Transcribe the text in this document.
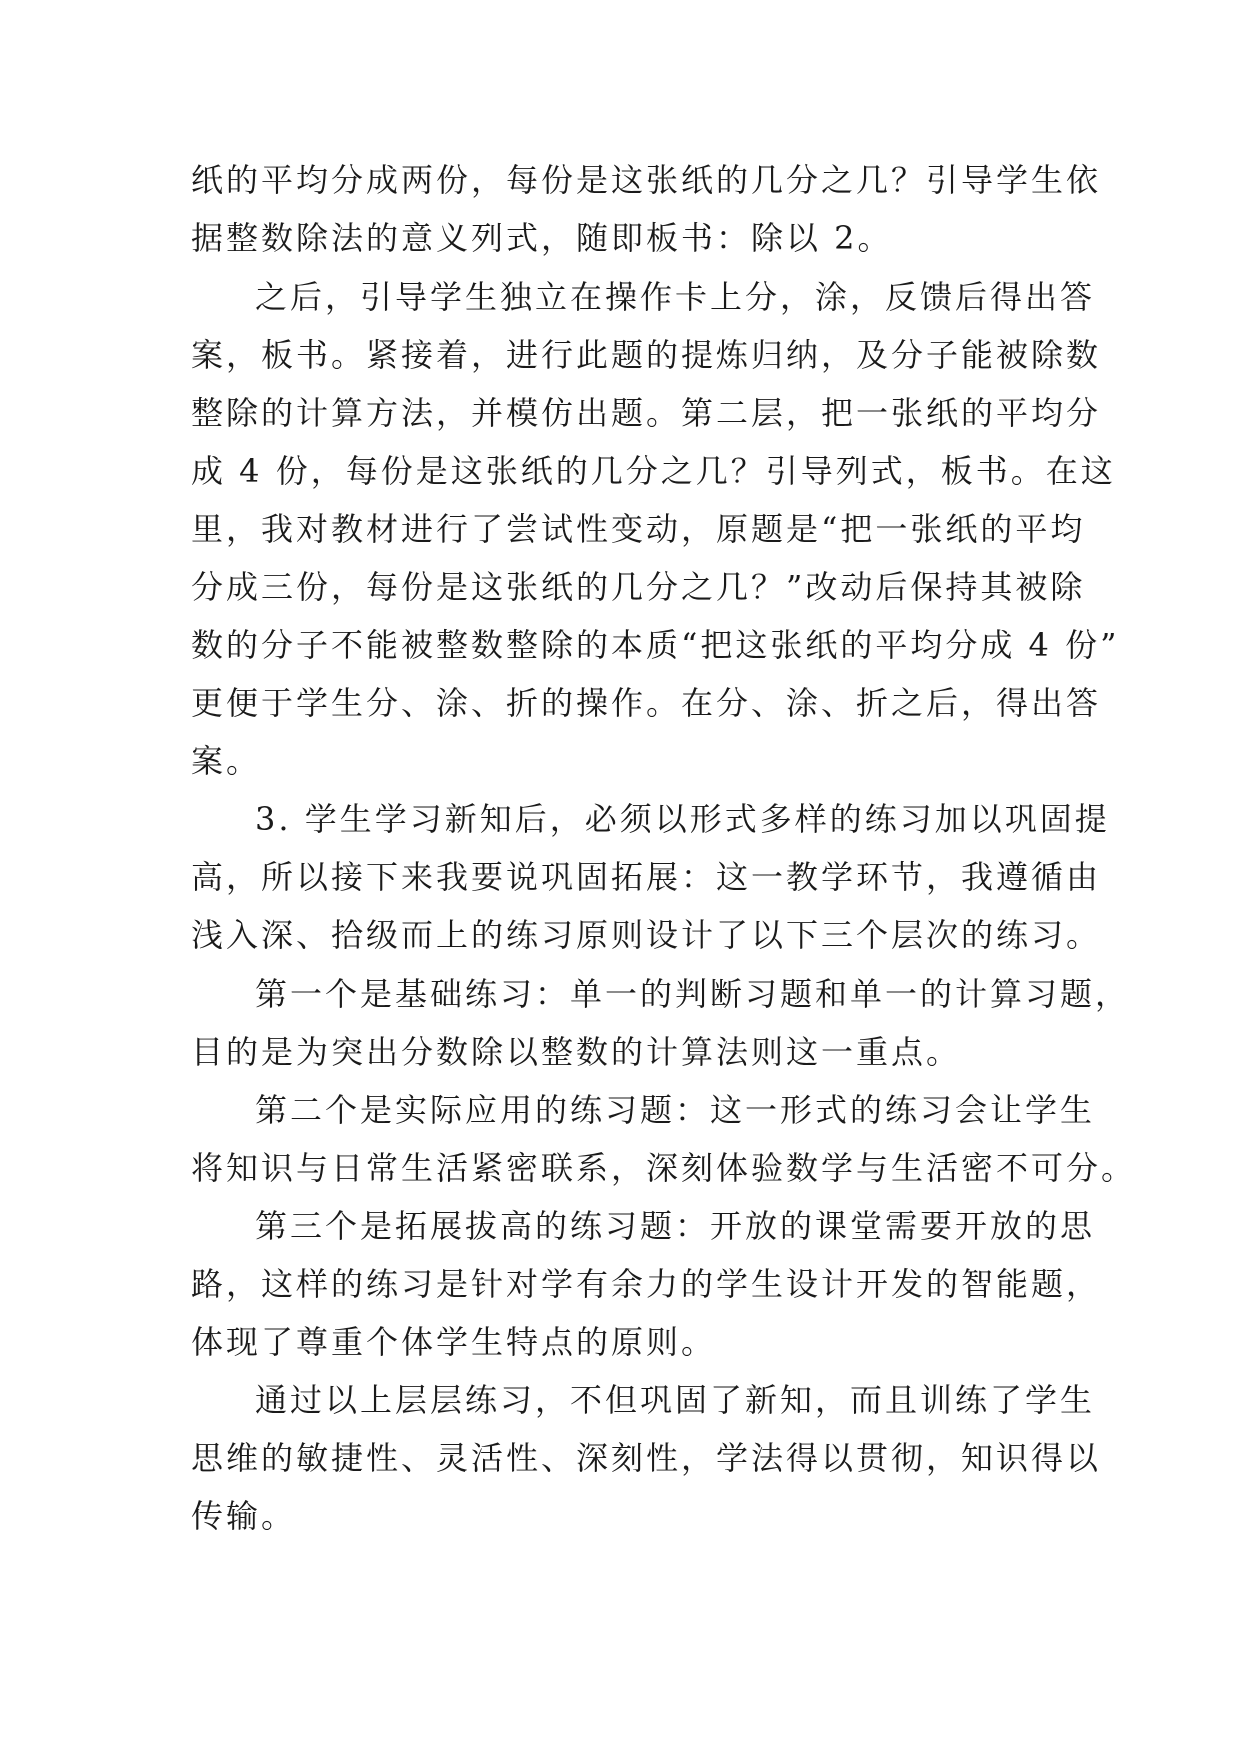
纸的平均分成两份，每份是这张纸的几分之几？引导学生依
据整数除法的意义列式，随即板书：除以 2。
之后，引导学生独立在操作卡上分，涂，反馈后得出答
案，板书。紧接着，进行此题的提炼归纳，及分子能被除数
整除的计算方法，并模仿出题。第二层，把一张纸的平均分
成 4 份，每份是这张纸的几分之几？引导列式，板书。在这
里，我对教材进行了尝试性变动，原题是“把一张纸的平均
分成三份，每份是这张纸的几分之几？”改动后保持其被除
数的分子不能被整数整除的本质“把这张纸的平均分成 4 份”
更便于学生分、涂、折的操作。在分、涂、折之后，得出答
案。
3. 学生学习新知后，必须以形式多样的练习加以巩固提
高，所以接下来我要说巩固拓展：这一教学环节，我遵循由
浅入深、拾级而上的练习原则设计了以下三个层次的练习。
第一个是基础练习：单一的判断习题和单一的计算习题，
目的是为突出分数除以整数的计算法则这一重点。
第二个是实际应用的练习题：这一形式的练习会让学生
将知识与日常生活紧密联系，深刻体验数学与生活密不可分。
第三个是拓展拔高的练习题：开放的课堂需要开放的思
路，这样的练习是针对学有余力的学生设计开发的智能题，
体现了尊重个体学生特点的原则。
通过以上层层练习，不但巩固了新知，而且训练了学生
思维的敏捷性、灵活性、深刻性，学法得以贯彻，知识得以
传输。
